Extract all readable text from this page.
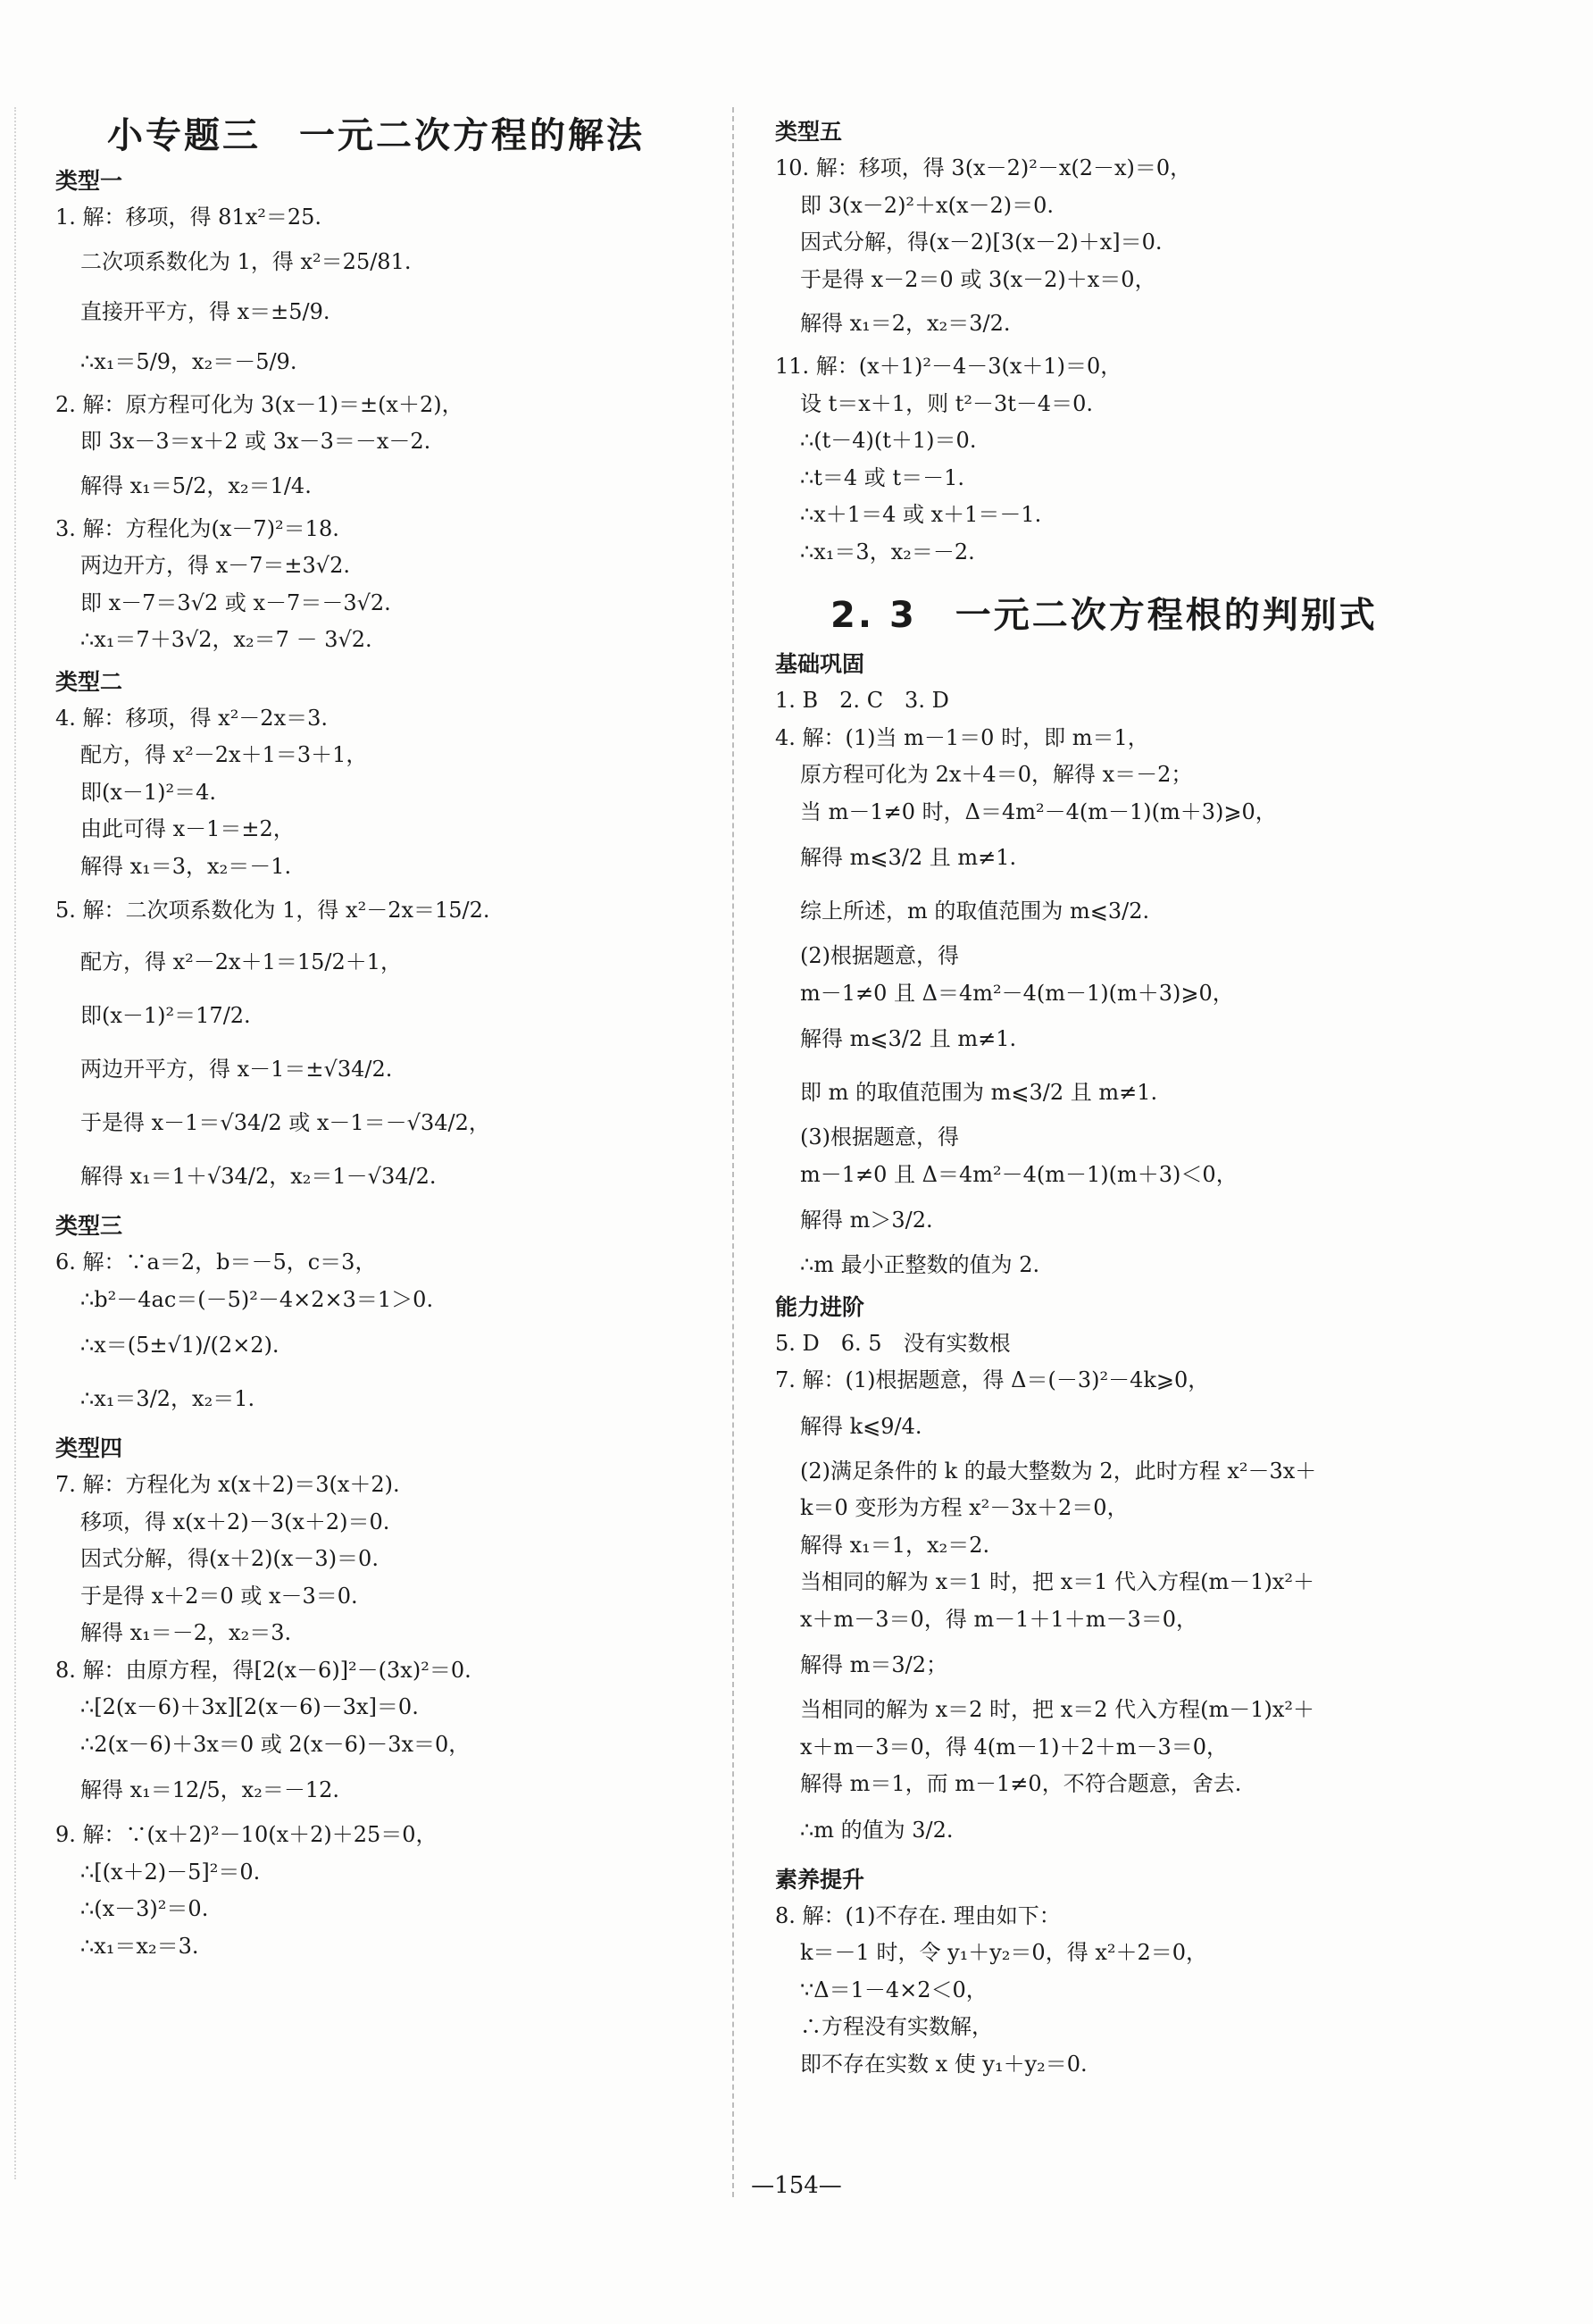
小专题三　一元二次方程的解法
类型一
1. 解：移项，得 81x²＝25.
二次项系数化为 1，得 x²＝25/81.
直接开平方，得 x＝±5/9.
∴x₁＝5/9，x₂＝－5/9.
2. 解：原方程可化为 3(x－1)＝±(x＋2)，
即 3x－3＝x＋2 或 3x－3＝－x－2.
解得 x₁＝5/2，x₂＝1/4.
3. 解：方程化为(x－7)²＝18.
两边开方，得 x－7＝±3√2.
即 x－7＝3√2 或 x－7＝－3√2.
∴x₁＝7＋3√2，x₂＝7 － 3√2.
类型二
4. 解：移项，得 x²－2x＝3.
配方，得 x²－2x＋1＝3＋1，
即(x－1)²＝4.
由此可得 x－1＝±2，
解得 x₁＝3，x₂＝－1.
5. 解：二次项系数化为 1，得 x²－2x＝15/2.
配方，得 x²－2x＋1＝15/2＋1，
即(x－1)²＝17/2.
两边开平方，得 x－1＝±√34/2.
于是得 x－1＝√34/2 或 x－1＝－√34/2，
解得 x₁＝1＋√34/2，x₂＝1－√34/2.
类型三
6. 解：∵a＝2，b＝－5，c＝3，
∴b²－4ac＝(－5)²－4×2×3＝1＞0.
∴x＝(5±√1)/(2×2).
∴x₁＝3/2，x₂＝1.
类型四
7. 解：方程化为 x(x＋2)＝3(x＋2).
移项，得 x(x＋2)－3(x＋2)＝0.
因式分解，得(x＋2)(x－3)＝0.
于是得 x＋2＝0 或 x－3＝0.
解得 x₁＝－2，x₂＝3.
8. 解：由原方程，得[2(x－6)]²－(3x)²＝0.
∴[2(x－6)＋3x][2(x－6)－3x]＝0.
∴2(x－6)＋3x＝0 或 2(x－6)－3x＝0，
解得 x₁＝12/5，x₂＝－12.
9. 解：∵(x＋2)²－10(x＋2)＋25＝0，
∴[(x＋2)－5]²＝0.
∴(x－3)²＝0.
∴x₁＝x₂＝3.
类型五
10. 解：移项，得 3(x－2)²－x(2－x)＝0，
即 3(x－2)²＋x(x－2)＝0.
因式分解，得(x－2)[3(x－2)＋x]＝0.
于是得 x－2＝0 或 3(x－2)＋x＝0，
解得 x₁＝2，x₂＝3/2.
11. 解：(x＋1)²－4－3(x＋1)＝0，
设 t＝x＋1，则 t²－3t－4＝0.
∴(t－4)(t＋1)＝0.
∴t＝4 或 t＝－1.
∴x＋1＝4 或 x＋1＝－1.
∴x₁＝3，x₂＝－2.
2. 3　一元二次方程根的判别式
基础巩固
1. B　2. C　3. D
4. 解：(1)当 m－1＝0 时，即 m＝1，
原方程可化为 2x＋4＝0，解得 x＝－2；
当 m－1≠0 时，Δ＝4m²－4(m－1)(m＋3)⩾0，
解得 m⩽3/2 且 m≠1.
综上所述，m 的取值范围为 m⩽3/2.
(2)根据题意，得
m－1≠0 且 Δ＝4m²－4(m－1)(m＋3)⩾0，
解得 m⩽3/2 且 m≠1.
即 m 的取值范围为 m⩽3/2 且 m≠1.
(3)根据题意，得
m－1≠0 且 Δ＝4m²－4(m－1)(m＋3)＜0，
解得 m＞3/2.
∴m 最小正整数的值为 2.
能力进阶
5. D　6. 5　没有实数根
7. 解：(1)根据题意，得 Δ＝(－3)²－4k⩾0，
解得 k⩽9/4.
(2)满足条件的 k 的最大整数为 2，此时方程 x²－3x＋
k＝0 变形为方程 x²－3x＋2＝0，
解得 x₁＝1，x₂＝2.
当相同的解为 x＝1 时，把 x＝1 代入方程(m－1)x²＋
x＋m－3＝0，得 m－1＋1＋m－3＝0，
解得 m＝3/2；
当相同的解为 x＝2 时，把 x＝2 代入方程(m－1)x²＋
x＋m－3＝0，得 4(m－1)＋2＋m－3＝0，
解得 m＝1，而 m－1≠0，不符合题意，舍去.
∴m 的值为 3/2.
素养提升
8. 解：(1)不存在. 理由如下：
k＝－1 时，令 y₁＋y₂＝0，得 x²＋2＝0，
∵Δ＝1－4×2＜0，
∴方程没有实数解，
即不存在实数 x 使 y₁＋y₂＝0.
—154—
